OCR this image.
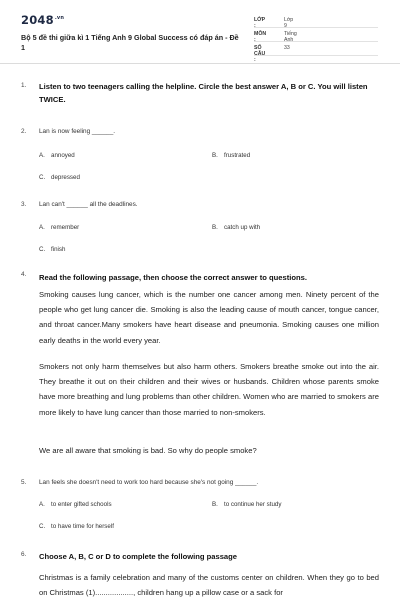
$2048^{.vn}$
Bộ 5 đề thi giữa kì 1 Tiếng Anh 9 Global Success có đáp án - Đề 1
LỚP :
Lớp 9
MÔN :
Tiếng Anh
SỐ CÂU :
33
1. Listen to two teenagers calling the helpline. Circle the best answer A, B or C. You will listen TWICE.
2. Lan is now feeling ______.
A. annoyed	B. frustrated
C. depressed
3. Lan can't ______ all the deadlines.
A. remember	B. catch up with
C. finish
4. Read the following passage, then choose the correct answer to questions.
Smoking causes lung cancer, which is the number one cancer among men. Ninety percent of the people who get lung cancer die. Smoking is also the leading cause of mouth cancer, tongue cancer, and throat cancer.Many smokers have heart disease and pneumonia. Smoking causes one million early deaths in the world every year.
Smokers not only harm themselves but also harm others. Smokers breathe smoke out into the air. They breathe it out on their children and their wives or husbands. Children whose parents smoke have more breathing and lung problems than other children. Women who are married to smokers are more likely to have lung cancer than those married to non-smokers.
We are all aware that smoking is bad. So why do people smoke?
5. Lan feels she doesn't need to work too hard because she's not going ______.
A. to enter gifted schools	B. to continue her study
C. to have time for herself
6. Choose A, B, C or D to complete the following passage
Christmas is a family celebration and many of the customs center on children. When they go to bed on Christmas (1).................., children hang up a pillow case or a sack for
